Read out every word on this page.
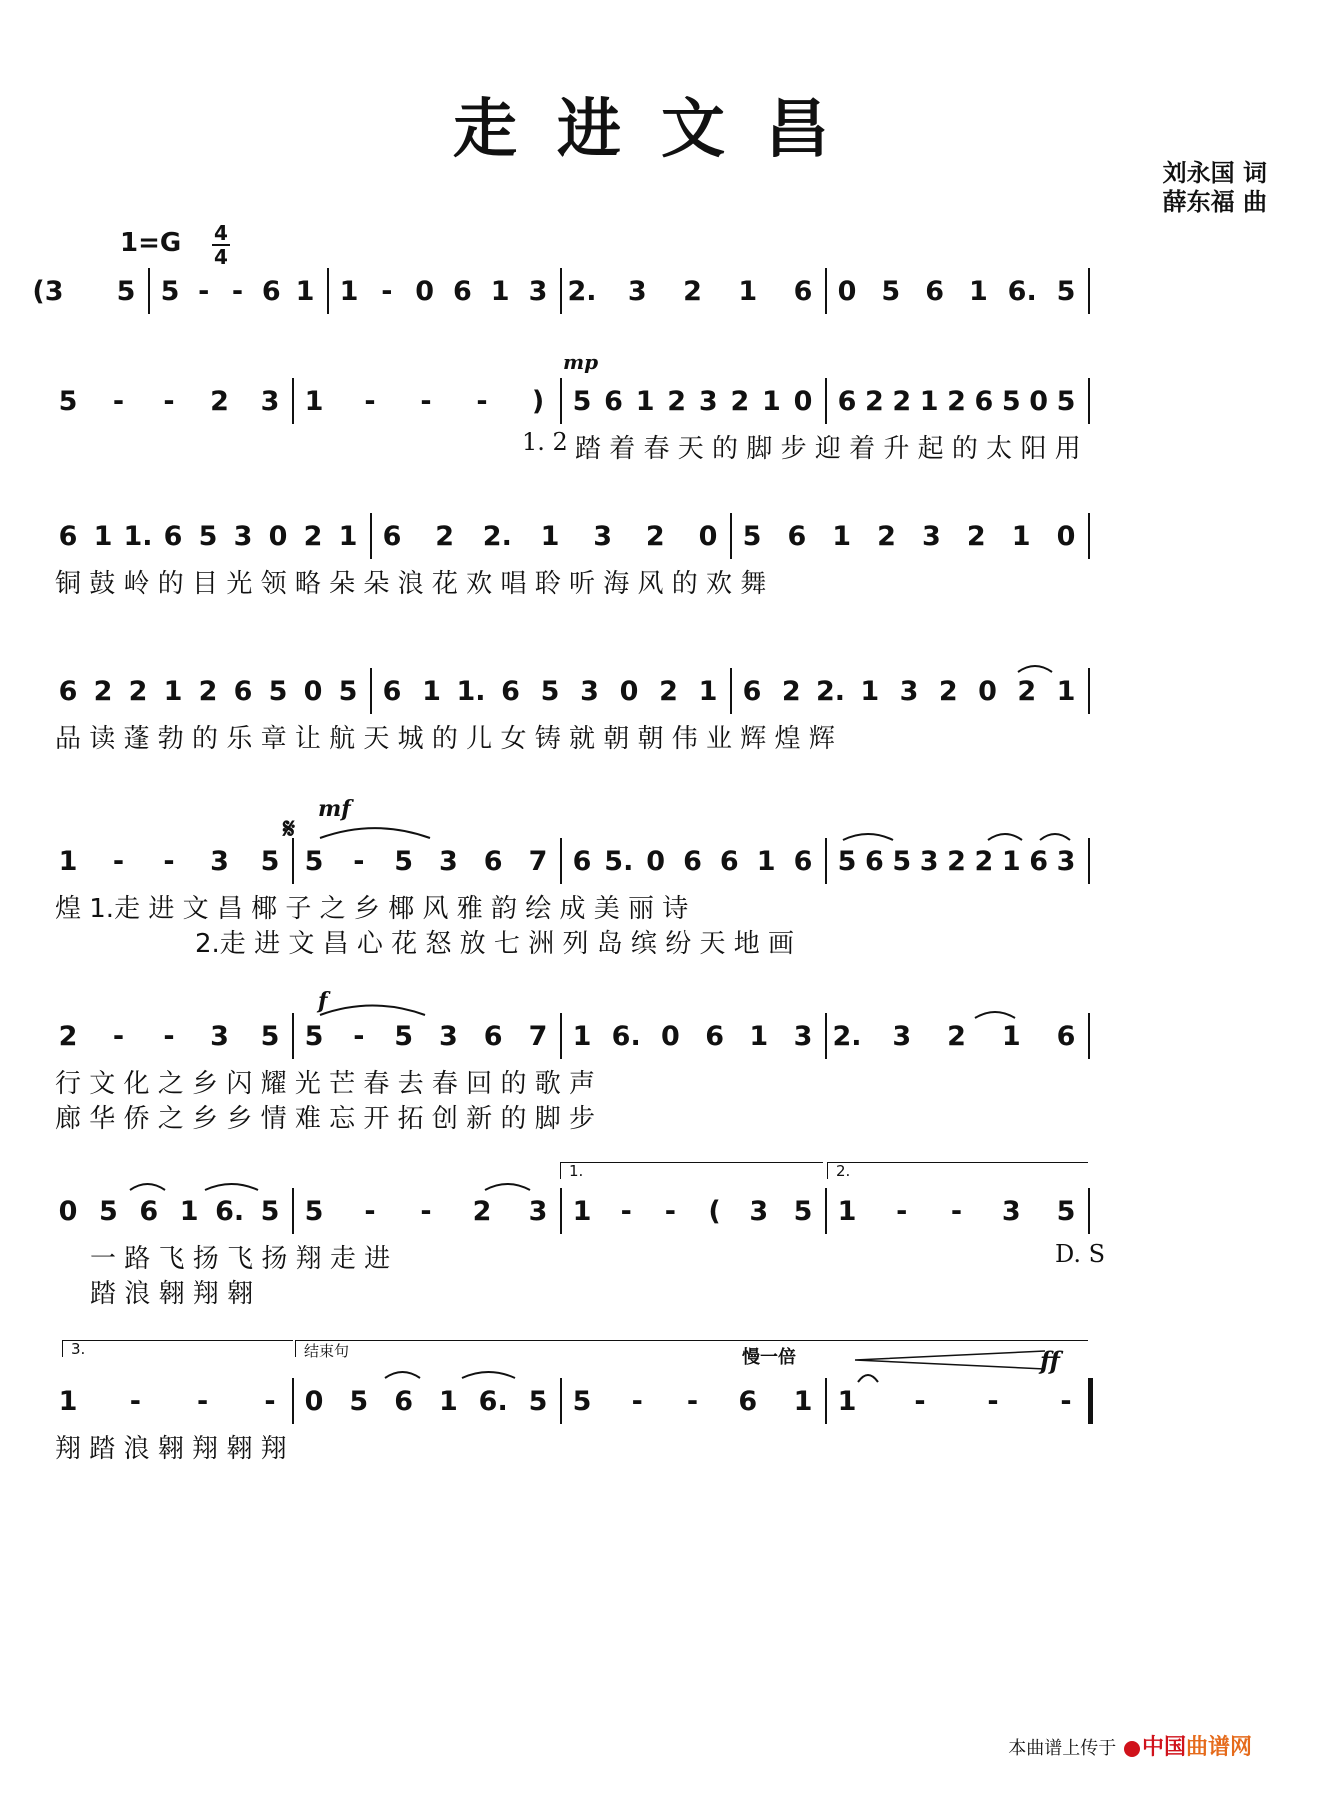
走进文昌
刘永国 词
薛东福 曲
1=G 4
4
(3 5 5 - - 6 1 1 - 0 6 1 3 2. 3 2 1 6 0 5 6 1 6. 5
5 - - 2 3 1 - - - ) 5 6 1 2 3 2 1 0 6 2 2 1 2 6 5 0 5
踏 着 春 天 的 脚 步 迎 着 升 起 的 太 阳 用
6 1 1. 6 5 3 0 2 1 6 2 2. 1 3 2 0 5 6 1 2 3 2 1 0
铜 鼓 岭 的 目 光 领 略 朵 朵 浪 花 欢 唱 聆 听 海 风 的 欢 舞
6 2 2 1 2 6 5 0 5 6 1 1. 6 5 3 0 2 1 6 2 2. 1 3 2 0 2 1
品 读 蓬 勃 的 乐 章 让 航 天 城 的 儿 女 铸 就 朝 朝 伟 业 辉 煌 辉
1 - - 3 5 5 - 5 3 6 7 6 5. 0 6 6 1 6 5 6 5 3 2 2 1 6 3
煌 1.走 进 文 昌 椰 子 之 乡 椰 风 雅 韵 绘 成 美 丽 诗
2.走 进 文 昌 心 花 怒 放 七 洲 列 岛 缤 纷 天 地 画
2 - - 3 5 5 - 5 3 6 7 1 6. 0 6 1 3 2. 3 2 1 6
行 文 化 之 乡 闪 耀 光 芒 春 去 春 回 的 歌 声
廊 华 侨 之 乡 乡 情 难 忘 开 拓 创 新 的 脚 步
0 5 6 1 6. 5 5 - - 2 3 1 - - ( 3 5 1 - - 3 5
一 路 飞 扬 飞 扬 翔 走 进
踏 浪 翱 翔 翱
1 - - - 0 5 6 1 6. 5 5 - - 6 1 1 - - -
翔 踏 浪 翱 翔 翱 翔
本曲谱上传于 中国曲谱网
mp
1. 2
mf
𝄋
f
D. S
慢一倍	ff
1.	2.
3.	结束句
